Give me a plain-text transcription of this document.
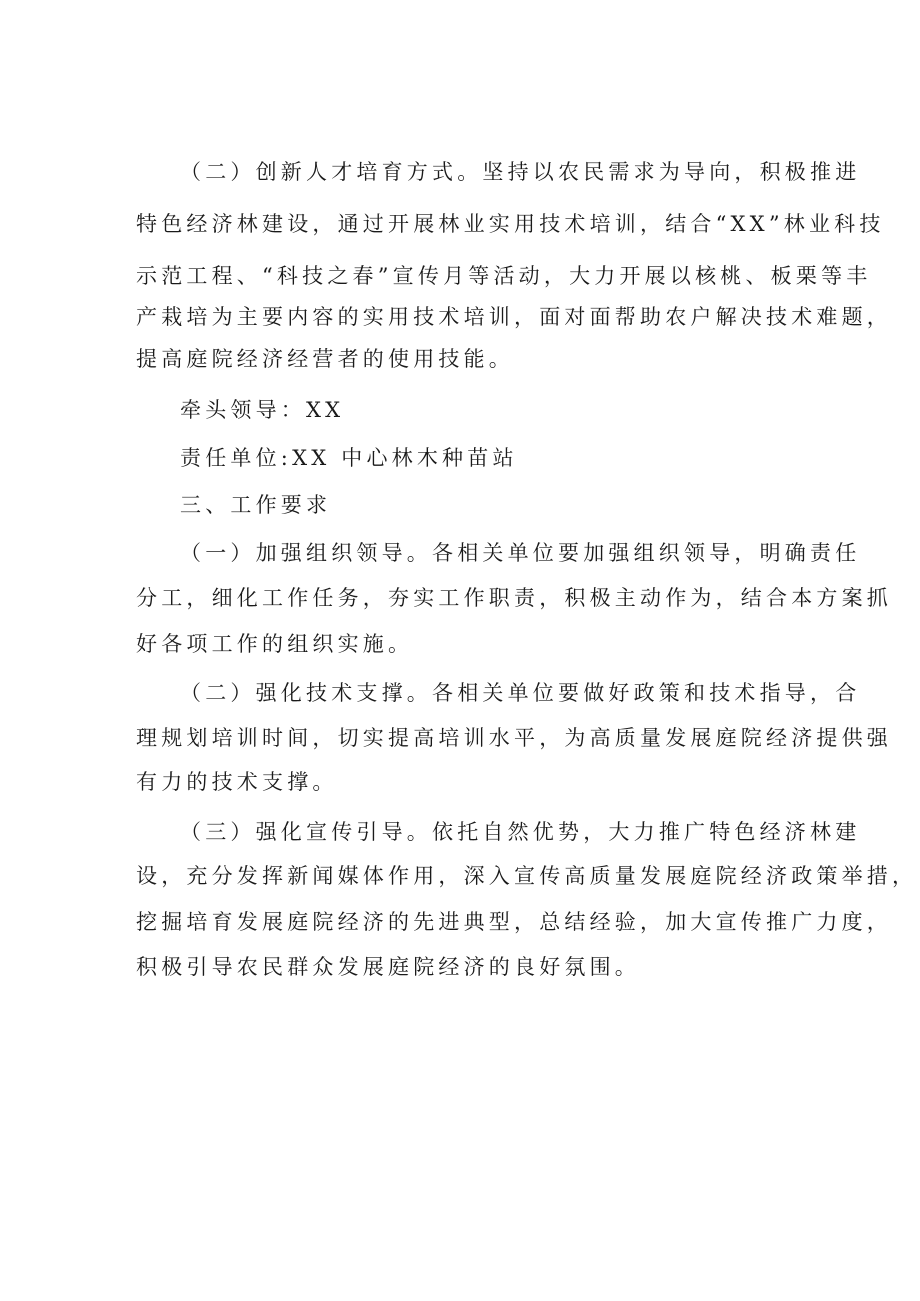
（二）创新人才培育方式。坚持以农民需求为导向，积极推进
特色经济林建设，通过开展林业实用技术培训，结合“XX”林业科技
示范工程、“科技之春”宣传月等活动，大力开展以核桃、板栗等丰
产栽培为主要内容的实用技术培训，面对面帮助农户解决技术难题，
提高庭院经济经营者的使用技能。
牵头领导：XX
责任单位:XX 中心林木种苗站
三、工作要求
（一）加强组织领导。各相关单位要加强组织领导，明确责任
分工，细化工作任务，夯实工作职责，积极主动作为，结合本方案抓
好各项工作的组织实施。
（二）强化技术支撑。各相关单位要做好政策和技术指导，合
理规划培训时间，切实提高培训水平，为高质量发展庭院经济提供强
有力的技术支撑。
（三）强化宣传引导。依托自然优势，大力推广特色经济林建
设，充分发挥新闻媒体作用，深入宣传高质量发展庭院经济政策举措，
挖掘培育发展庭院经济的先进典型，总结经验，加大宣传推广力度，
积极引导农民群众发展庭院经济的良好氛围。
